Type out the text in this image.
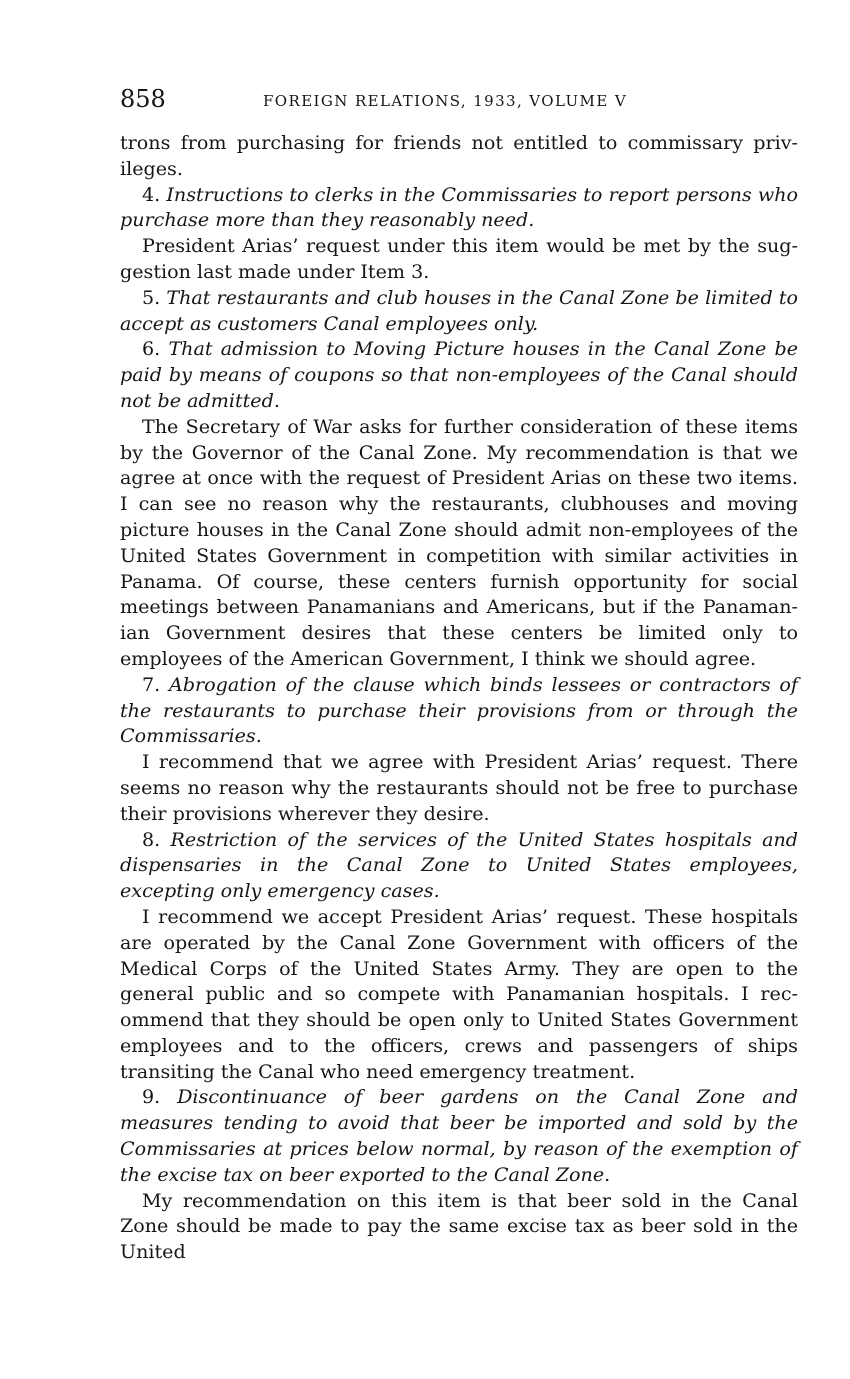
858	FOREIGN RELATIONS, 1933, VOLUME V

trons from purchasing for friends not entitled to commissary privileges.

4. Instructions to clerks in the Commissaries to report persons who purchase more than they reasonably need.

President Arias’ request under this item would be met by the suggestion last made under Item 3.

5. That restaurants and club houses in the Canal Zone be limited to accept as customers Canal employees only.

6. That admission to Moving Picture houses in the Canal Zone be paid by means of coupons so that non-employees of the Canal should not be admitted.

The Secretary of War asks for further consideration of these items by the Governor of the Canal Zone. My recommendation is that we agree at once with the request of President Arias on these two items. I can see no reason why the restaurants, clubhouses and moving picture houses in the Canal Zone should admit non-employees of the United States Government in competition with similar activities in Panama. Of course, these centers furnish opportunity for social meetings between Panamanians and Americans, but if the Panamanian Government desires that these centers be limited only to employees of the American Government, I think we should agree.

7. Abrogation of the clause which binds lessees or contractors of the restaurants to purchase their provisions from or through the Commissaries.

I recommend that we agree with President Arias’ request. There seems no reason why the restaurants should not be free to purchase their provisions wherever they desire.

8. Restriction of the services of the United States hospitals and dispensaries in the Canal Zone to United States employees, excepting only emergency cases.

I recommend we accept President Arias’ request. These hospitals are operated by the Canal Zone Government with officers of the Medical Corps of the United States Army. They are open to the general public and so compete with Panamanian hospitals. I recommend that they should be open only to United States Government employees and to the officers, crews and passengers of ships transiting the Canal who need emergency treatment.

9. Discontinuance of beer gardens on the Canal Zone and measures tending to avoid that beer be imported and sold by the Commissaries at prices below normal, by reason of the exemption of the excise tax on beer exported to the Canal Zone.

My recommendation on this item is that beer sold in the Canal Zone should be made to pay the same excise tax as beer sold in the United
